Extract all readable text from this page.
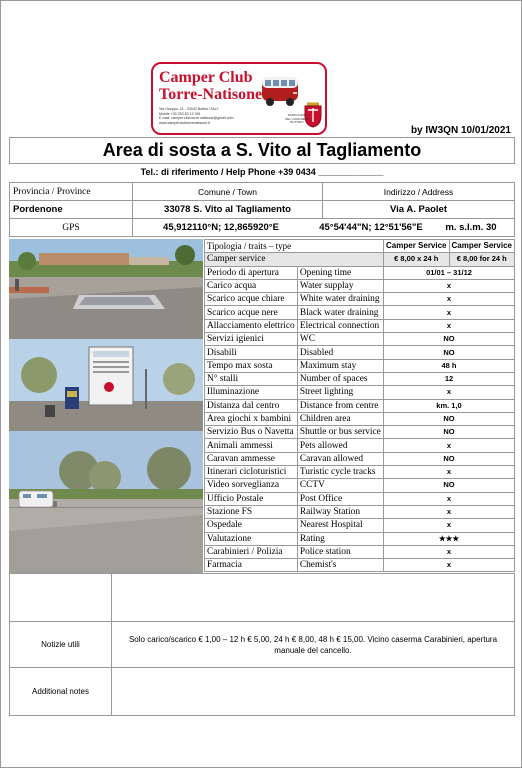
Camper Club
Torre-Natisone
Via Osoppo, 21 - 33042 Buttrio ITALY
Mobile +39 333 83 13 391
E-mail: camper.club.torre.natisone@gmail.com
www.camperclubtorrenatisone.it
PATROCINIO DEL COMUNE DI BUTTRIO
by IW3QN 10/01/2021
Area di sosta a S. Vito al Tagliamento
Tel.: di riferimento / Help Phone +39 0434 _____________
Provincia / Province	Comune / Town	Indirizzo / Address
Pordenone	33078 S. Vito al Tagliamento	Via A. Paolet
GPS	45,912110°N; 12,865920°E 45°54'44"N; 12°51'56"E m. s.l.m. 30	
Tipologia / traits – type		Camper Service	Camper Service
Camper service		€ 8,00 x 24 h	€ 8,00 for 24 h
Periodo di apertura	Opening time	01/01 – 31/12	
Carico acqua	Water supplay	x	
Scarico acque chiare	White water draining	x	
Scarico acque nere	Black water draining	x	
Allacciamento elettrico	Electrical connection	x	
Servizi igienici	WC	NO	
Disabili	Disabled	NO	
Tempo max sosta	Maximum stay	48 h	
N° stalli	Number of spaces	12	
Illuminazione	Street lighting	x	
Distanza dal centro	Distance from centre	km. 1,0	
Area giochi x bambini	Children area	NO	
Servizio Bus o Navetta	Shuttle or bus service	NO	
Animali ammessi	Pets allowed	x	
Caravan ammesse	Caravan allowed	NO	
Itinerari cicloturistici	Turistic cycle tracks	x	
Video sorveglianza	CCTV	NO	
Ufficio Postale	Post Office	x	
Stazione FS	Railway Station	x	
Ospedale	Nearest Hospital	x	
Valutazione	Rating	★★★	
Carabinieri / Polizia	Police station	x	
Farmacia	Chemist's	x	

Notizie utili	Solo carico/scarico € 1,00 – 12 h € 5,00, 24 h € 8,00, 48 h € 15,00. Vicino caserma Carabinieri, apertura manuale del cancello.
Additional notes	
